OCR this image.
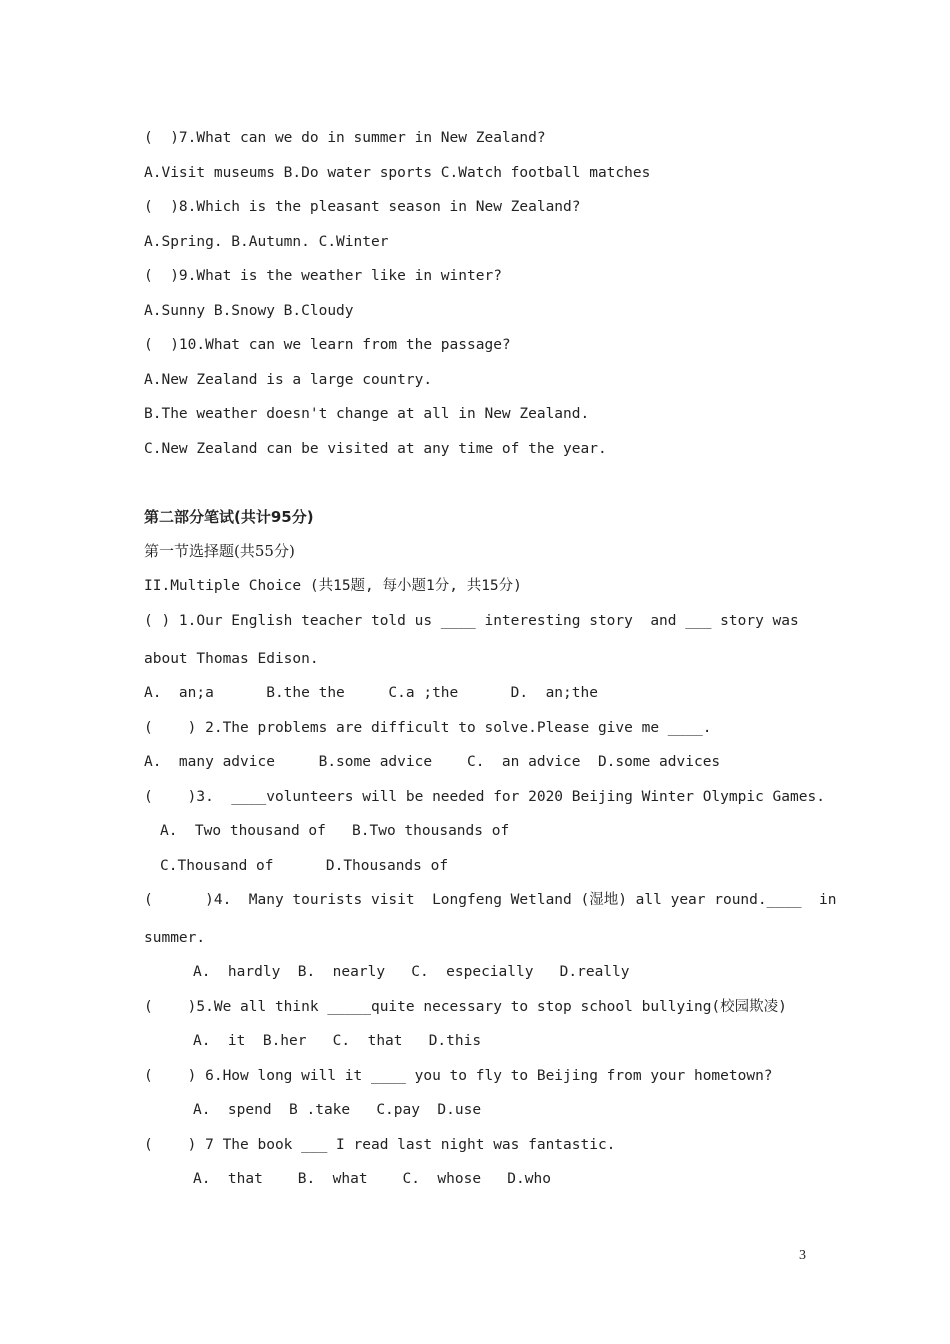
(  )7.What can we do in summer in New Zealand?
A.Visit museums B.Do water sports C.Watch football matches
(  )8.Which is the pleasant season in New Zealand?
A.Spring. B.Autumn. C.Winter
(  )9.What is the weather like in winter?
A.Sunny B.Snowy B.Cloudy
(  )10.What can we learn from the passage?
A.New Zealand is a large country.
B.The weather doesn't change at all in New Zealand.
C.New Zealand can be visited at any time of the year.
第二部分笔试(共计95分)
第一节选择题(共55分)
II.Multiple Choice (共15题, 每小题1分, 共15分)
( ) 1.Our English teacher told us ____ interesting story  and ___ story was
about Thomas Edison.
A.  an;a      B.the the     C.a ;the      D.  an;the
(    ) 2.The problems are difficult to solve.Please give me ____.
A.  many advice     B.some advice    C.  an advice  D.some advices
(    )3.  ____volunteers will be needed for 2020 Beijing Winter Olympic Games.
A.  Two thousand of   B.Two thousands of
C.Thousand of      D.Thousands of
(      )4.  Many tourists visit  Longfeng Wetland (湿地) all year round.____  in
summer.
A.  hardly  B.  nearly   C.  especially   D.really
(    )5.We all think _____quite necessary to stop school bullying(校园欺凌)
A.  it  B.her   C.  that   D.this
(    ) 6.How long will it ____ you to fly to Beijing from your hometown?
A.  spend  B .take   C.pay  D.use
(    ) 7 The book ___ I read last night was fantastic.
A.  that    B.  what    C.  whose   D.who
3
